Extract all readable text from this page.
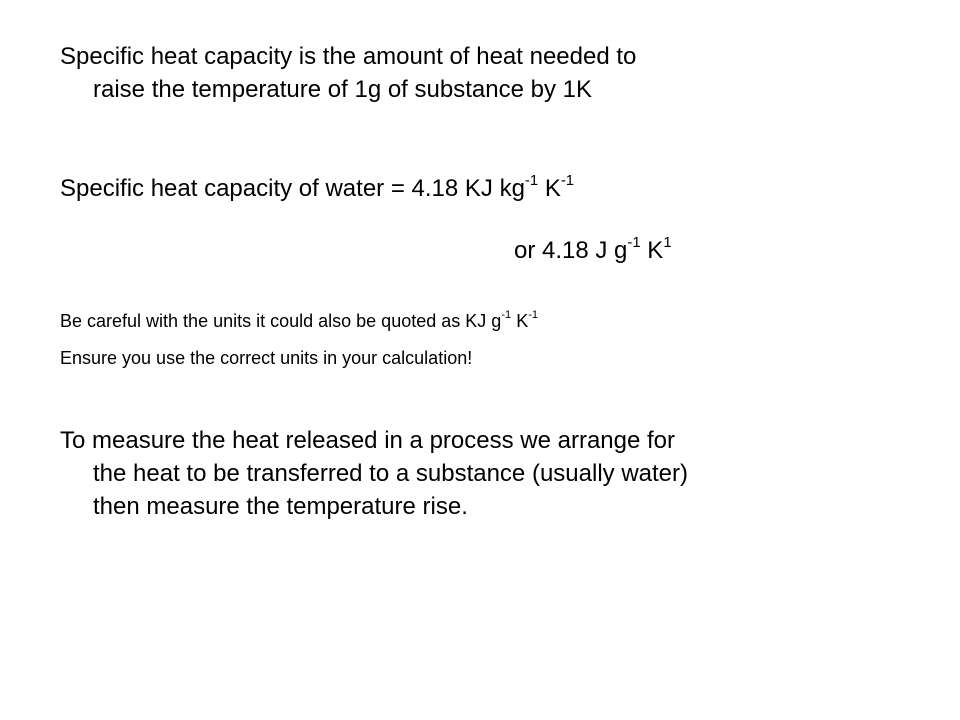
Specific heat capacity is the amount of heat needed to
raise the temperature of 1g of substance by 1K

Specific heat capacity of water = 4.18 KJ $kg^{-1}$ $K^{-1}$

or 4.18 J $g^{-1}$ $K^1$

Be careful with the units it could also be quoted as KJ $g^{-1}$ $K^{-1}$

Ensure you use the correct units in your calculation!

To measure the heat released in a process we arrange for
the heat to be transferred to a substance (usually water)
then measure the temperature rise.
